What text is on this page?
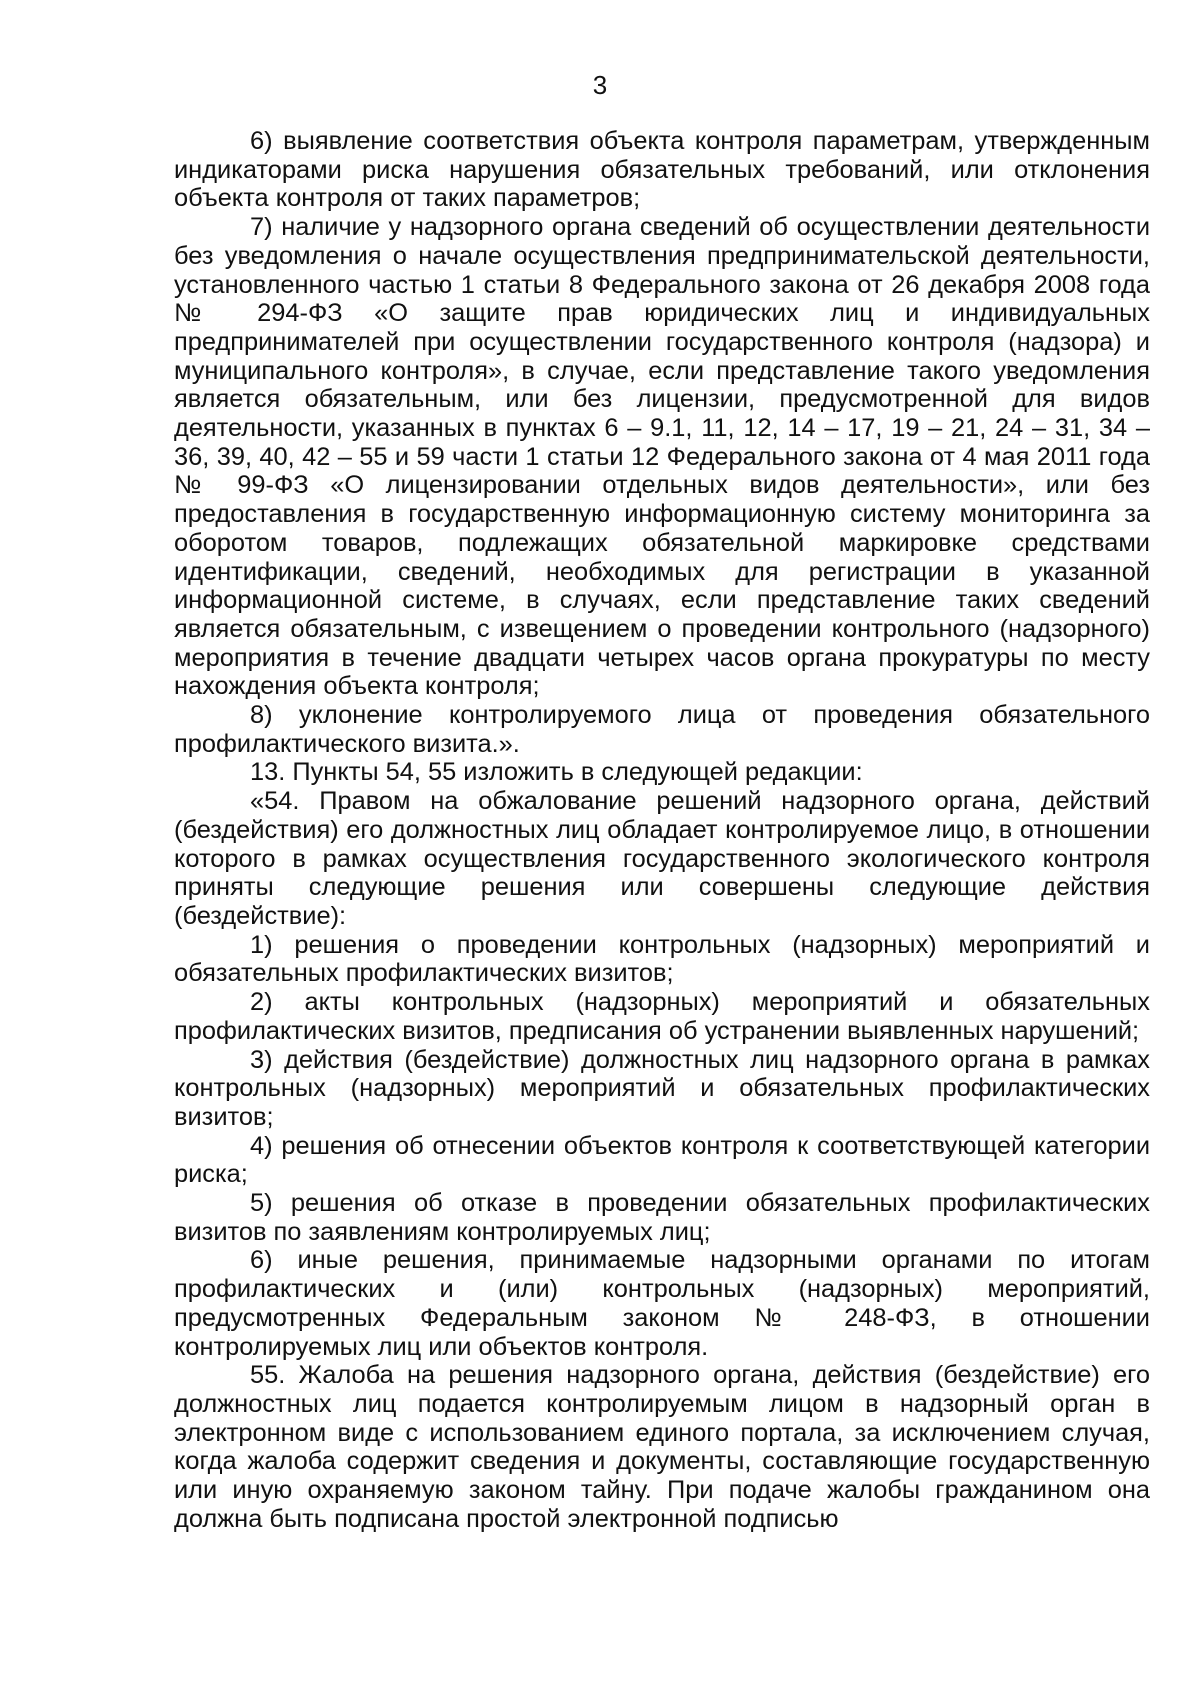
3

6) выявление соответствия объекта контроля параметрам, утвержденным индикаторами риска нарушения обязательных требований, или отклонения объекта контроля от таких параметров;

7) наличие у надзорного органа сведений об осуществлении деятельности без уведомления о начале осуществления предпринимательской деятельности, установленного частью 1 статьи 8 Федерального закона от 26 декабря 2008 года № 294-ФЗ «О защите прав юридических лиц и индивидуальных предпринимателей при осуществлении государственного контроля (надзора) и муниципального контроля», в случае, если представление такого уведомления является обязательным, или без лицензии, предусмотренной для видов деятельности, указанных в пунктах 6 – 9.1, 11, 12, 14 – 17, 19 – 21, 24 – 31, 34 – 36, 39, 40, 42 – 55 и 59 части 1 статьи 12 Федерального закона от 4 мая 2011 года № 99-ФЗ «О лицензировании отдельных видов деятельности», или без предоставления в государственную информационную систему мониторинга за оборотом товаров, подлежащих обязательной маркировке средствами идентификации, сведений, необходимых для регистрации в указанной информационной системе, в случаях, если представление таких сведений является обязательным, с извещением о проведении контрольного (надзорного) мероприятия в течение двадцати четырех часов органа прокуратуры по месту нахождения объекта контроля;

8) уклонение контролируемого лица от проведения обязательного профилактического визита.».

13. Пункты 54, 55 изложить в следующей редакции:

«54. Правом на обжалование решений надзорного органа, действий (бездействия) его должностных лиц обладает контролируемое лицо, в отношении которого в рамках осуществления государственного экологического контроля приняты следующие решения или совершены следующие действия (бездействие):

1) решения о проведении контрольных (надзорных) мероприятий и обязательных профилактических визитов;

2) акты контрольных (надзорных) мероприятий и обязательных профилактических визитов, предписания об устранении выявленных нарушений;

3) действия (бездействие) должностных лиц надзорного органа в рамках контрольных (надзорных) мероприятий и обязательных профилактических визитов;

4) решения об отнесении объектов контроля к соответствующей категории риска;

5) решения об отказе в проведении обязательных профилактических визитов по заявлениям контролируемых лиц;

6) иные решения, принимаемые надзорными органами по итогам профилактических и (или) контрольных (надзорных) мероприятий, предусмотренных Федеральным законом № 248-ФЗ, в отношении контролируемых лиц или объектов контроля.

55. Жалоба на решения надзорного органа, действия (бездействие) его должностных лиц подается контролируемым лицом в надзорный орган в электронном виде с использованием единого портала, за исключением случая, когда жалоба содержит сведения и документы, составляющие государственную или иную охраняемую законом тайну. При подаче жалобы гражданином она должна быть подписана простой электронной подписью
